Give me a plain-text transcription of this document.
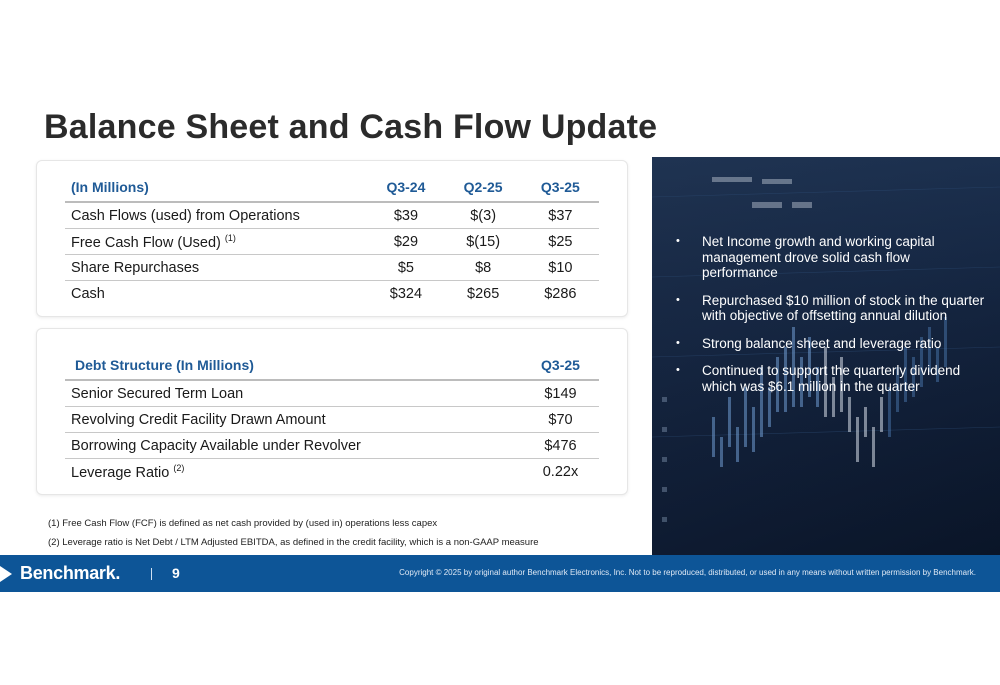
Balance Sheet and Cash Flow Update
(In Millions)	Q3-24	Q2-25	Q3-25
Cash Flows (used) from Operations	$39	$(3)	$37
Free Cash Flow (Used) $^{(1)}$	$29	$(15)	$25
Share Repurchases	$5	$8	$10
Cash	$324	$265	$286
Debt Structure (In Millions)	Q3-25
Senior Secured Term Loan	$149
Revolving Credit Facility Drawn Amount	$70
Borrowing Capacity Available under Revolver	$476
Leverage Ratio $^{(2)}$	0.22x
(1) Free Cash Flow (FCF) is defined as net cash provided by (used in) operations less capex
(2) Leverage ratio is Net Debt / LTM Adjusted EBITDA, as defined in the credit facility, which is a non-GAAP measure
• Net Income growth and working capital management drove solid cash flow performance
• Repurchased $10 million of stock in the quarter with objective of offsetting annual dilution
• Strong balance sheet and leverage ratio
• Continued to support the quarterly dividend which was $6.1 million in the quarter
Benchmark.	9	Copyright © 2025 by original author Benchmark Electronics, Inc. Not to be reproduced, distributed, or used in any means without written permission by Benchmark.
